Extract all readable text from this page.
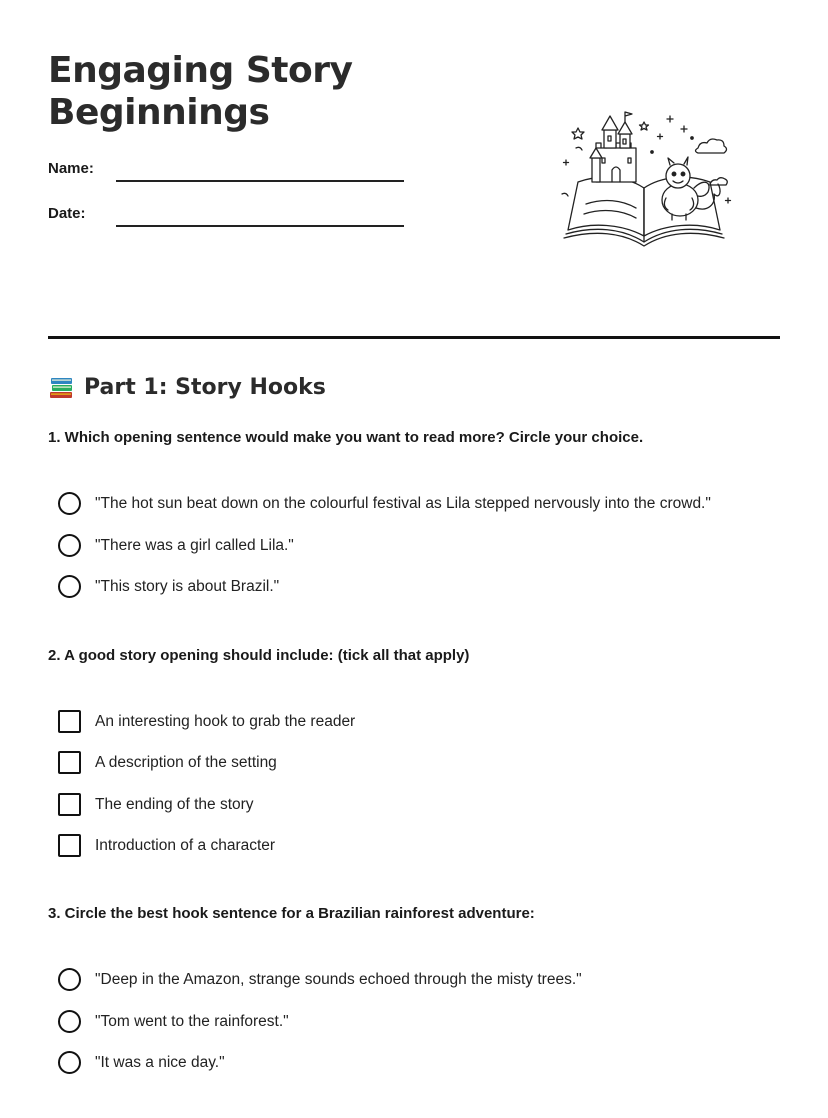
Engaging Story
Beginnings
Name:
Date:
Part 1: Story Hooks

1. Which opening sentence would make you want to read more? Circle your choice.

"The hot sun beat down on the colourful festival as Lila stepped nervously into the crowd."
"There was a girl called Lila."
"This story is about Brazil."

2. A good story opening should include: (tick all that apply)

An interesting hook to grab the reader
A description of the setting
The ending of the story
Introduction of a character

3. Circle the best hook sentence for a Brazilian rainforest adventure:

"Deep in the Amazon, strange sounds echoed through the misty trees."
"Tom went to the rainforest."
"It was a nice day."
